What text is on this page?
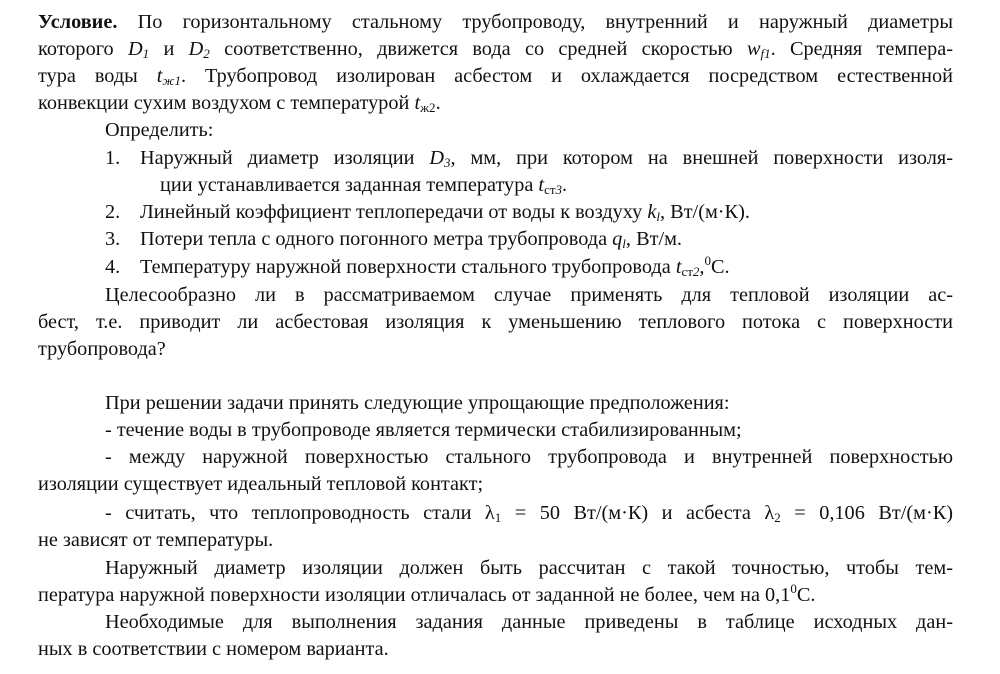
Условие. По горизонтальному стальному трубопроводу, внутренний и наружный диаметры
которого $D_1$ и $D_2$ соответственно, движется вода со средней скоростью $w_{f1}$. Средняя темпера-
тура воды $t_{ж1}$. Трубопровод изолирован асбестом и охлаждается посредством естественной
конвекции сухим воздухом с температурой $t_{ж2}$.
Определить:
1. Наружный диаметр изоляции $D_3$, мм, при котором на внешней поверхности изоля-
ции устанавливается заданная температура $t_{ст3}$.
2. Линейный коэффициент теплопередачи от воды к воздуху $k_l$, Вт/(м·К).
3. Потери тепла с одного погонного метра трубопровода $q_l$, Вт/м.
4. Температуру наружной поверхности стального трубопровода $t_{ст2},^0С$.
Целесообразно ли в рассматриваемом случае применять для тепловой изоляции ас-
бест, т.е. приводит ли асбестовая изоляция к уменьшению теплового потока с поверхности
трубопровода?
При решении задачи принять следующие упрощающие предположения:
- течение воды в трубопроводе является термически стабилизированным;
- между наружной поверхностью стального трубопровода и внутренней поверхностью
изоляции существует идеальный тепловой контакт;
- считать, что теплопроводность стали $\lambda_1 = 50$ Вт/(м·К) и асбеста $\lambda_2 = 0,106$ Вт/(м·К)
не зависят от температуры.
Наружный диаметр изоляции должен быть рассчитан с такой точностью, чтобы тем-
пература наружной поверхности изоляции отличалась от заданной не более, чем на $0,1^0С$.
Необходимые для выполнения задания данные приведены в таблице исходных дан-
ных в соответствии с номером варианта.
